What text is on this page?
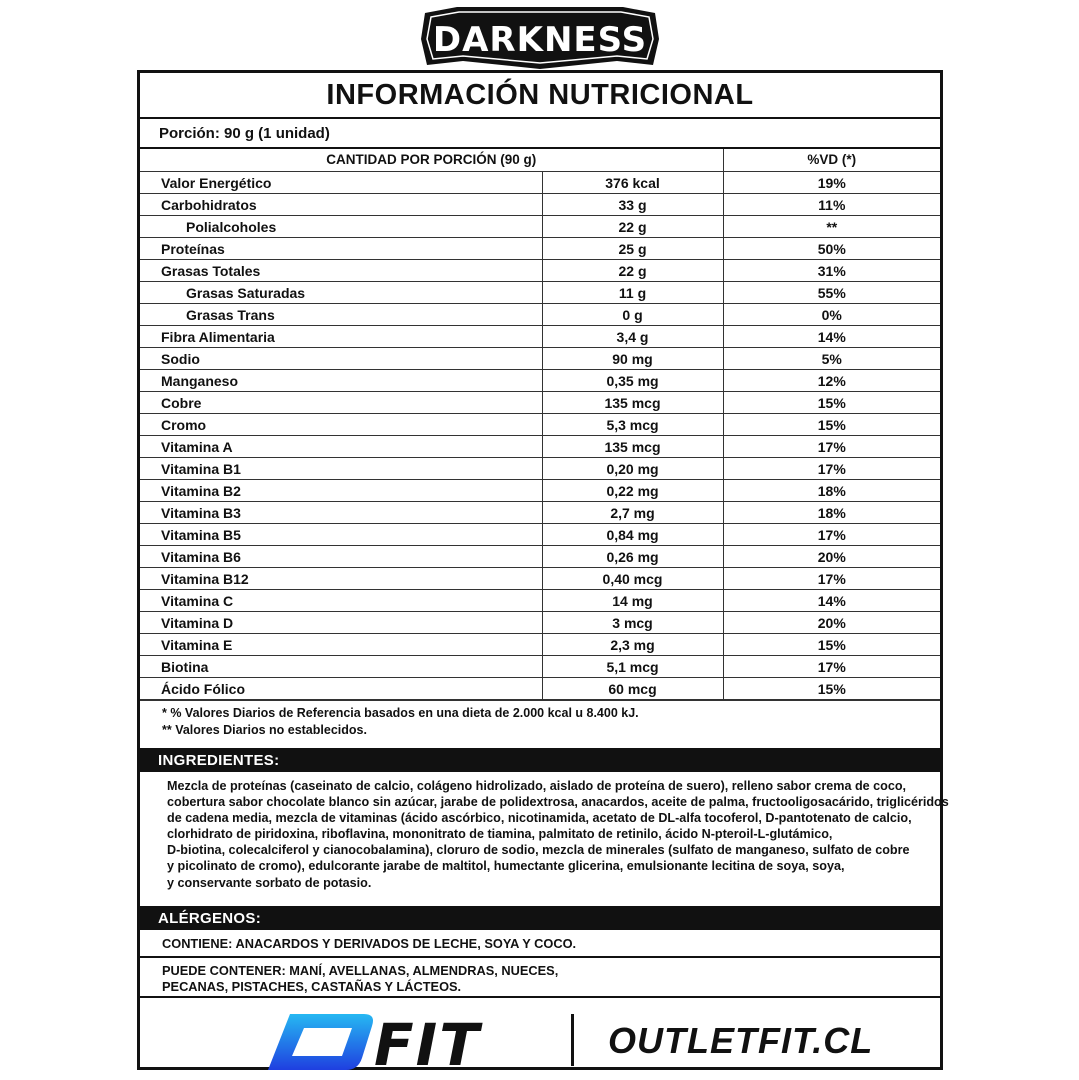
DARKNESS
INFORMACIÓN NUTRICIONAL
Porción: 90 g (1 unidad)
CANTIDAD POR PORCIÓN (90 g)		%VD (*)
Valor Energético	376 kcal	19%
Carbohidratos	33 g	11%
Polialcoholes	22 g	**
Proteínas	25 g	50%
Grasas Totales	22 g	31%
Grasas Saturadas	11 g	55%
Grasas Trans	0 g	0%
Fibra Alimentaria	3,4 g	14%
Sodio	90 mg	5%
Manganeso	0,35 mg	12%
Cobre	135 mcg	15%
Cromo	5,3 mcg	15%
Vitamina A	135 mcg	17%
Vitamina B1	0,20 mg	17%
Vitamina B2	0,22 mg	18%
Vitamina B3	2,7 mg	18%
Vitamina B5	0,84 mg	17%
Vitamina B6	0,26 mg	20%
Vitamina B12	0,40 mcg	17%
Vitamina C	14 mg	14%
Vitamina D	3 mcg	20%
Vitamina E	2,3 mg	15%
Biotina	5,1 mcg	17%
Ácido Fólico	60 mcg	15%
* % Valores Diarios de Referencia basados en una dieta de 2.000 kcal u 8.400 kJ.
** Valores Diarios no establecidos.
INGREDIENTES:
Mezcla de proteínas (caseinato de calcio, colágeno hidrolizado, aislado de proteína de suero), relleno sabor crema de coco,
cobertura sabor chocolate blanco sin azúcar, jarabe de polidextrosa, anacardos, aceite de palma, fructooligosacárido, triglicéridos
de cadena media, mezcla de vitaminas (ácido ascórbico, nicotinamida, acetato de DL-alfa tocoferol, D-pantotenato de calcio,
clorhidrato de piridoxina, riboflavina, mononitrato de tiamina, palmitato de retinilo, ácido N-pteroil-L-glutámico,
D-biotina, colecalciferol y cianocobalamina), cloruro de sodio, mezcla de minerales (sulfato de manganeso, sulfato de cobre
y picolinato de cromo), edulcorante jarabe de maltitol, humectante glicerina, emulsionante lecitina de soya, soya,
y conservante sorbato de potasio.
ALÉRGENOS:
CONTIENE: ANACARDOS Y DERIVADOS DE LECHE, SOYA Y COCO.
PUEDE CONTENER: MANÍ, AVELLANAS, ALMENDRAS, NUECES,
PECANAS, PISTACHES, CASTAÑAS Y LÁCTEOS.
FIT	OUTLETFIT.CL
